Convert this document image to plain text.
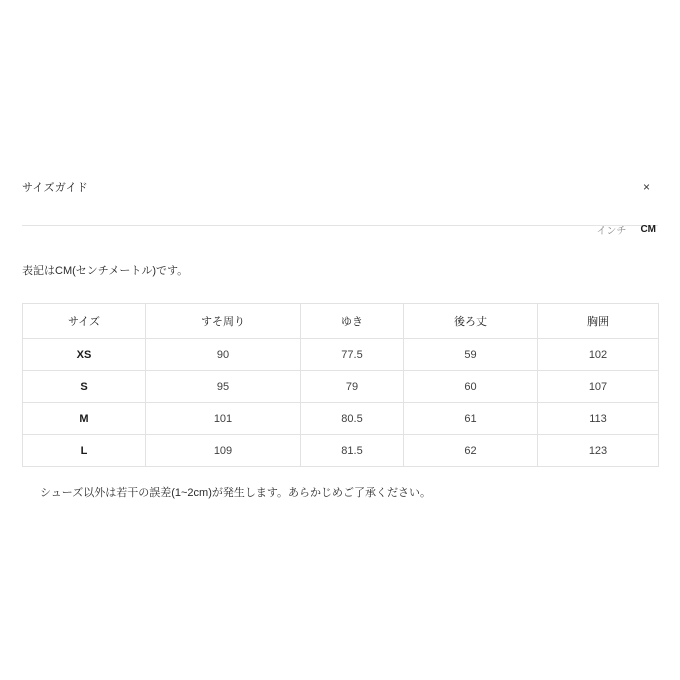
サイズガイド	×
インチ CM
表記はCM(センチメートル)です。
サイズ	すそ周り	ゆき	後ろ丈	胸囲
XS	90	77.5	59	102
S	95	79	60	107
M	101	80.5	61	113
L	109	81.5	62	123
シューズ以外は若干の誤差(1~2cm)が発生します。あらかじめご了承ください。
